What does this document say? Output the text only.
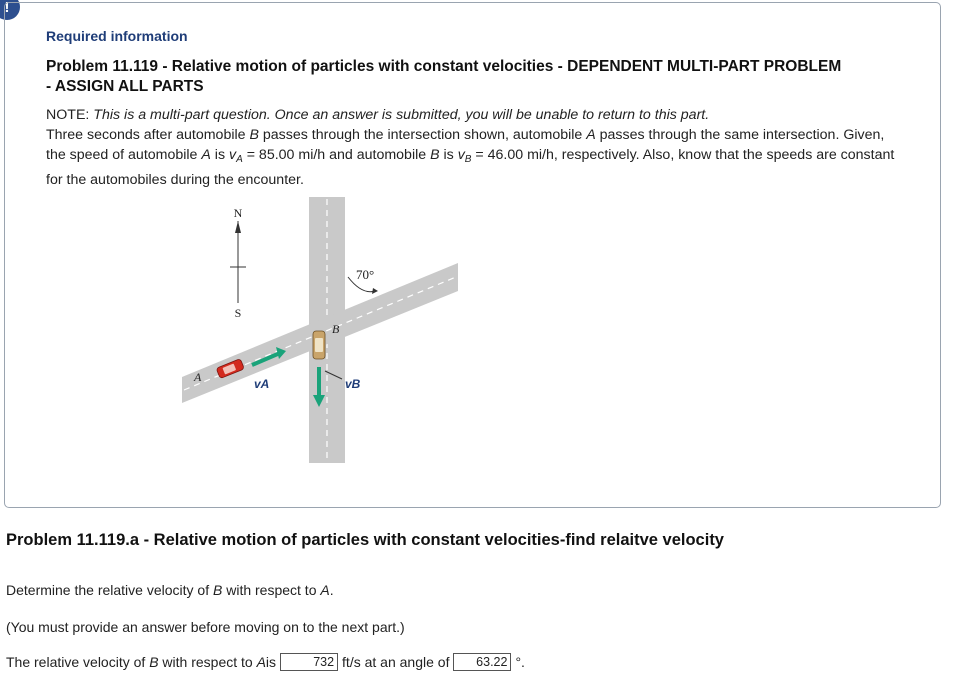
!
Required information
Problem 11.119 - Relative motion of particles with constant velocities - DEPENDENT MULTI-PART PROBLEM - ASSIGN ALL PARTS
NOTE: This is a multi-part question. Once an answer is submitted, you will be unable to return to this part.
Three seconds after automobile B passes through the intersection shown, automobile A passes through the same intersection. Given, the speed of automobile A is $v_A = 85.00$ mi/h and automobile B is $v_B = 46.00$ mi/h, respectively. Also, know that the speeds are constant for the automobiles during the encounter.
N
S
70°
A	vA
B
vB
Problem 11.119.a - Relative motion of particles with constant velocities-find relaitve velocity
Determine the relative velocity of B with respect to A.
(You must provide an answer before moving on to the next part.)
The relative velocity of
B
with respect to
A is	732 ft/s at an angle of	63.22 °.
